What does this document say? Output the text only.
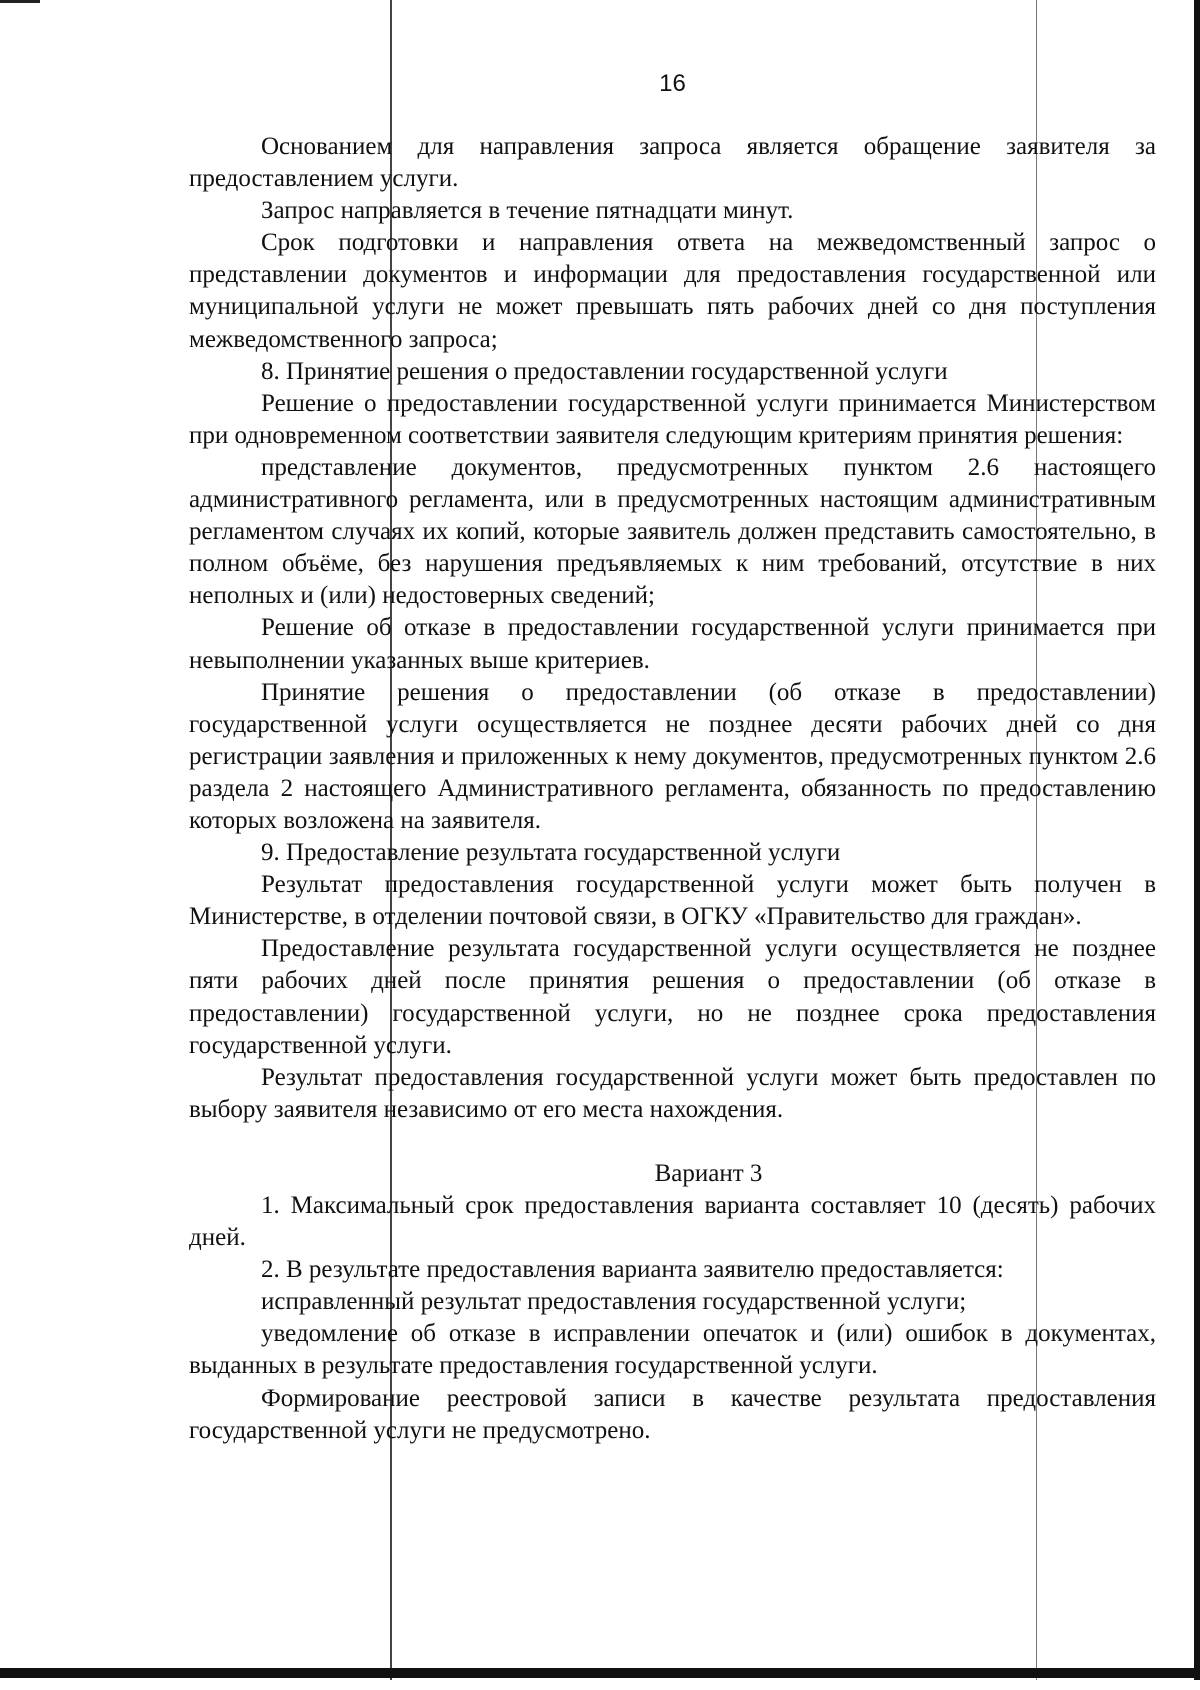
16

Основанием для направления запроса является обращение заявителя за предоставлением услуги.

Запрос направляется в течение пятнадцати минут.

Срок подготовки и направления ответа на межведомственный запрос о представлении документов и информации для предоставления государственной или муниципальной услуги не может превышать пять рабочих дней со дня поступления межведомственного запроса;

8. Принятие решения о предоставлении государственной услуги

Решение о предоставлении государственной услуги принимается Министерством при одновременном соответствии заявителя следующим критериям принятия решения:

представление документов, предусмотренных пунктом 2.6 настоящего административного регламента, или в предусмотренных настоящим административным регламентом случаях их копий, которые заявитель должен представить самостоятельно, в полном объёме, без нарушения предъявляемых к ним требований, отсутствие в них неполных и (или) недостоверных сведений;

Решение об отказе в предоставлении государственной услуги принимается при невыполнении указанных выше критериев.

Принятие решения о предоставлении (об отказе в предоставлении) государственной услуги осуществляется не позднее десяти рабочих дней со дня регистрации заявления и приложенных к нему документов, предусмотренных пунктом 2.6 раздела 2 настоящего Административного регламента, обязанность по предоставлению которых возложена на заявителя.

9. Предоставление результата государственной услуги

Результат предоставления государственной услуги может быть получен в Министерстве, в отделении почтовой связи, в ОГКУ «Правительство для граждан».

Предоставление результата государственной услуги осуществляется не позднее пяти рабочих дней после принятия решения о предоставлении (об отказе в предоставлении) государственной услуги, но не позднее срока предоставления государственной услуги.

Результат предоставления государственной услуги может быть предоставлен по выбору заявителя независимо от его места нахождения.

Вариант 3

1. Максимальный срок предоставления варианта составляет 10 (десять) рабочих дней.

2. В результате предоставления варианта заявителю предоставляется:

исправленный результат предоставления государственной услуги;

уведомление об отказе в исправлении опечаток и (или) ошибок в документах, выданных в результате предоставления государственной услуги.

Формирование реестровой записи в качестве результата предоставления государственной услуги не предусмотрено.
